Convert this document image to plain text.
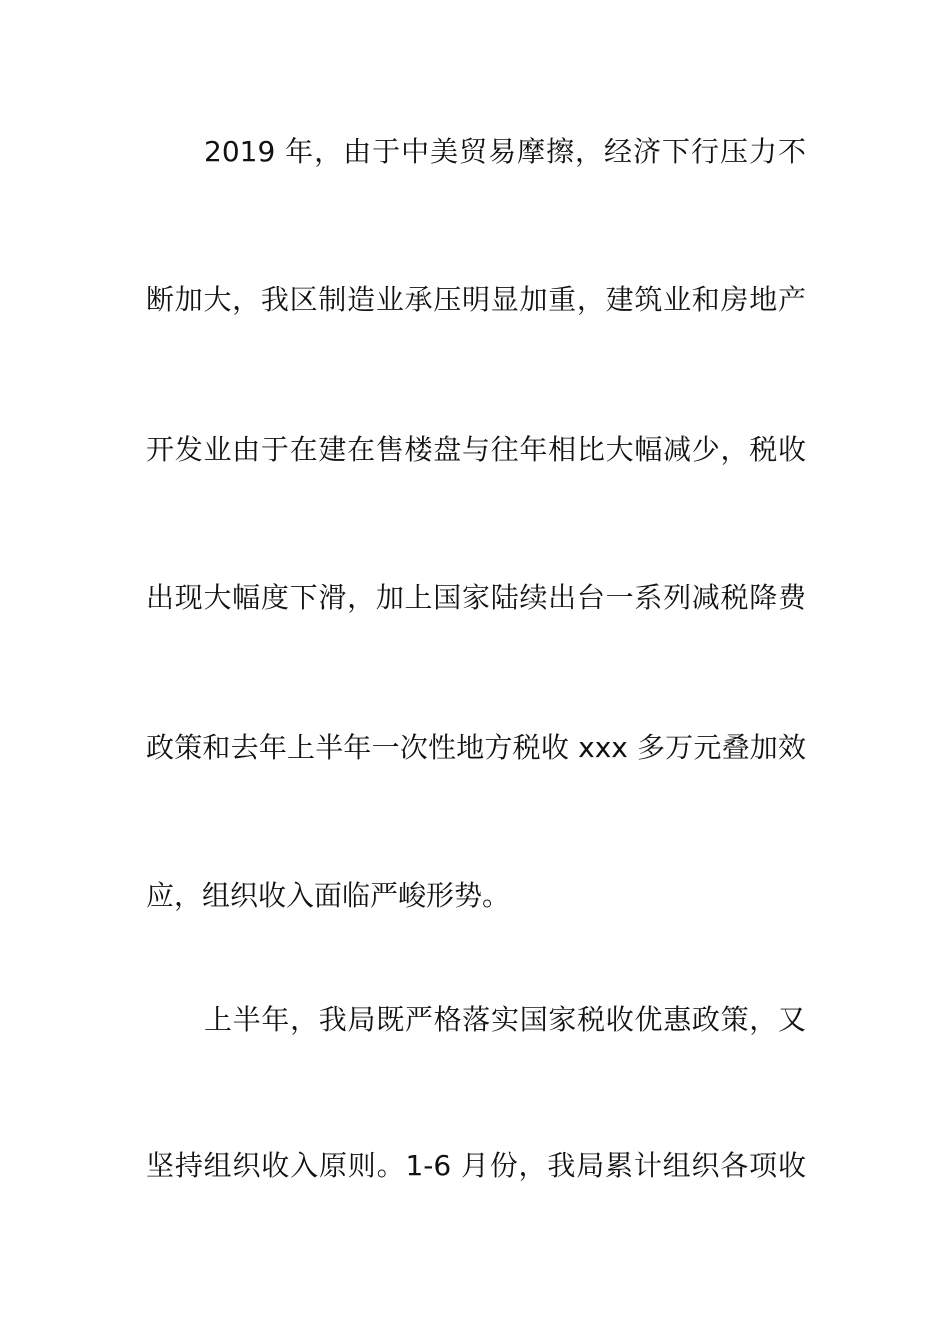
2019 年，由于中美贸易摩擦，经济下行压力不
断加大，我区制造业承压明显加重，建筑业和房地产
开发业由于在建在售楼盘与往年相比大幅减少，税收
出现大幅度下滑，加上国家陆续出台一系列减税降费
政策和去年上半年一次性地方税收 xxx 多万元叠加效
应，组织收入面临严峻形势。
上半年，我局既严格落实国家税收优惠政策，又
坚持组织收入原则。1-6 月份，我局累计组织各项收
